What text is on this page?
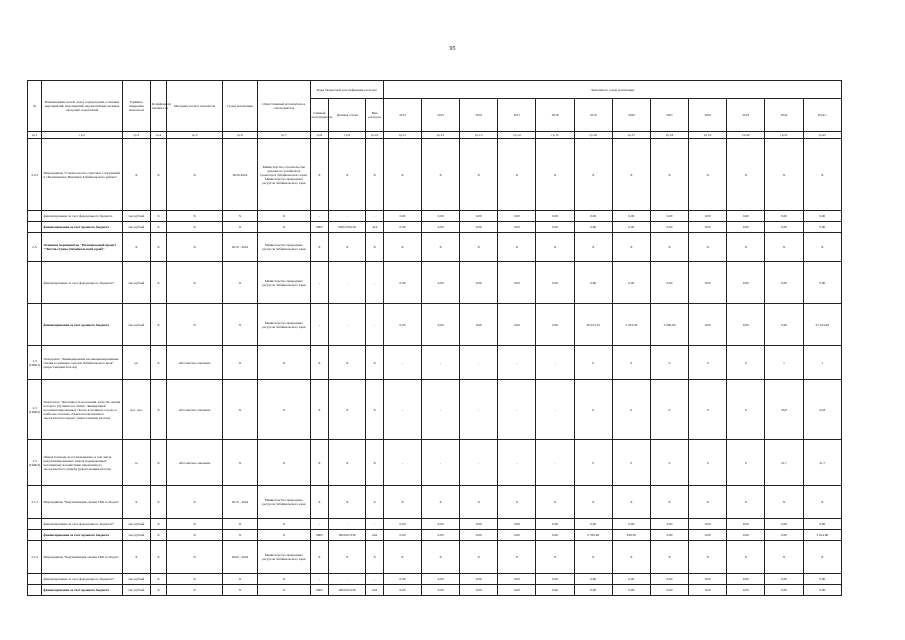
95
№	Наименование целей, задач, подпрограмм, основных мероприятий, мероприятий, ведомственных целевых программ, показателей	Единица измерения показателя	Коэффициент значимости	Методика расчета показателя	Сроки реализации	Ответственный исполнитель и соисполнитель	Коды бюджетной классификации расходов			Значения по годам реализации											
							Главный распорядитель	Целевая статья	Вид расходов	2014	2015	2016	2017	2018	2019	2020	2021	2022	2023	2024	Итого
гр.1	гр.2	гр.3	гр.4	гр.5	гр.6	гр.7	гр.8	гр.9	гр.10	гр.11	гр.12	гр.13	гр.14	гр.15	гр.16	гр.17	гр.18	гр.19	гр.20	гр.21	гр.22
2.4.3	Мероприятие "Строительство очистных сооружений в г.Балашинское Нерчинск Забайкальского района"	X	X	X	2020-2024	Министерство строительства дорожного хозяйства и транспорта Забайкальского края, Министерство природных ресурсов Забайкальского края	X	X	X	X	X	X	X	X	X	X	X	X	X	X	X
	финансирование за счет федерального бюджета	тыс.рублей	X	X	X	X	-	-	-	0,00	0,00	0,00	0,00	0,00	0,00	0,00	0,00	0,00	0,00	0,00	0,00
	финансирование за счет краевого бюджета	тыс.рублей	X	X	X	X	0605	082G794102	414	0,00	0,00	0,00	0,00	0,00	0,00	0,00	0,00	0,00	0,00	0,00	0,00
2.5.	Основное мероприятие "Региональный проект "Чистая страна (Забайкальский край)"	X	X	X	2019 - 2024	Министерство природных ресурсов Забайкальского края	X	X	X	X	X	X	X	X	X	X	X	X	X	X	X
	финансирование за счет федерального бюджета*	тыс.рублей	X	X	X	Министерство природных ресурсов Забайкальского края	-	-	-	0,00	0,00	0,00	0,00	0,00	0,00	0,00	0,00	0,00	0,00	0,00	0,00
	финансирование за счет краевого бюджета	тыс.рублей	X	X	X	Министерство природных ресурсов Забайкальского края	-	-	-	0,00	0,00	0,00	0,00	0,00	26 023,10	5 293,30	2 000,00	0,00	0,00	0,00	25 324,40
2.5 (ПОК1)	Показатель "Ликвидированы несанкционированные свалки в границах городов Забайкальского края" (нарастающим итогом)	ед.	X	Абсолютное значение	X	X	X	X	X	-	-	-	-	-	0	0	0	0	0	1	1
2.5 (ПОК2)	Показатель "Численность населения, качество жизни которого улучшится в связи с ликвидацией несанкционированных свалок в границах города и наиболее опасных объектов накопленного экологического вреда" (нарастающим итогом)	тыс. чел.	X	Абсолютное значение	X	X	X	X	X	-	-	-	-	-	0	0	0	0	0	43,8	43,8
2.5 (ПОК3)	Общая площадь восстановленных, в том числе рекультивированных земель подверженных негативному воздействию накопленного экологического ущерба (нарастающим итогом)	га	X	Абсолютное значение	X	X	X	X	X	-	-	-	-	-	0	0	0	0	0	21,7	21,7
2.5.1	Мероприятие "Рекультивация свалки ТБО в г.Борзя"	X	X	X	2019 - 2024	Министерство природных ресурсов Забайкальского края	X	X	X	X	X	X	X	X	X	X	X	X	X	X	X
	финансирование за счет федерального бюджета*	тыс.рублей	X	X	X	X	-	-	-	0,00	0,00	0,00	0,00	0,00	0,00	0,00	0,00	0,00	0,00	0,00	0,00
	финансирование за счет краевого бюджета	тыс.рублей	X	X	X	X	0605	0820107236	244	0,00	0,00	0,00	0,00	0,00	2 782,40	818,30	0,00	0,00	0,00	0,00	3 614,90
2.5.2	Мероприятие "Рекультивация свалки ТБО в г.Борзя"	X	X	X	2020 - 2024	Министерство природных ресурсов Забайкальского края	X	X	X	X	X	X	X	X	X	X	X	X	X	X	X
	финансирование за счет федерального бюджета*	тыс.рублей	X	X	X	X	-	-	-	0,00	0,00	0,00	0,00	0,00	0,00	0,00	0,00	0,00	0,00	0,00	0,00
	финансирование за счет краевого бюджета	тыс.рублей	X	X	X	X	0605	0820107236	244	0,00	0,00	0,00	0,00	0,00	0,00	0,00	0,00	0,00	0,00	0,00	0,00
